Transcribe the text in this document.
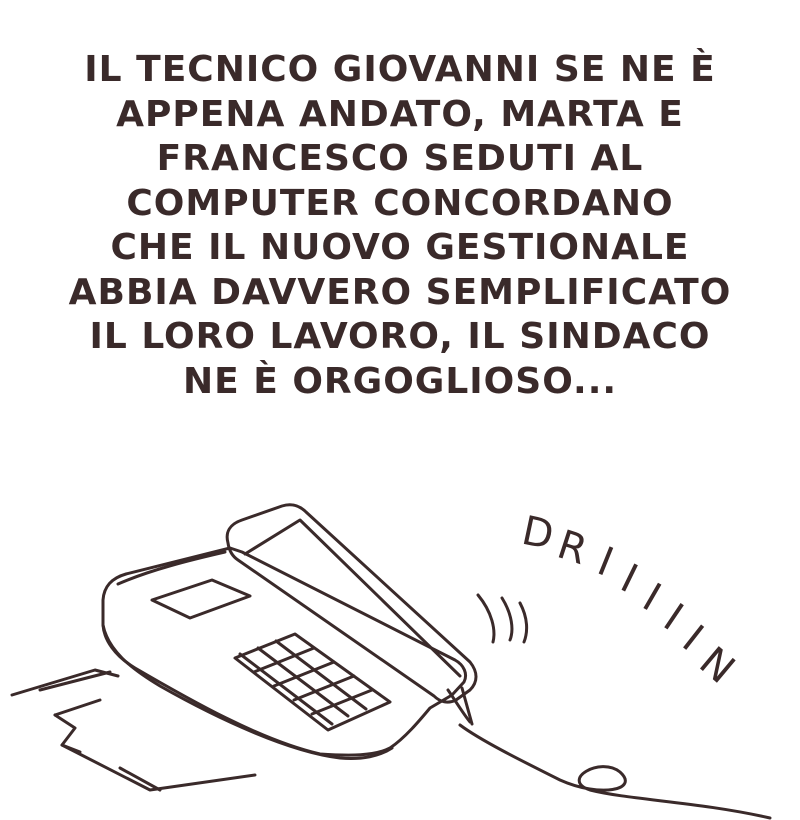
IL TECNICO GIOVANNI SE NE È
APPENA ANDATO, MARTA E
FRANCESCO SEDUTI AL
COMPUTER CONCORDANO
CHE IL NUOVO GESTIONALE
ABBIA DAVVERO SEMPLIFICATO
IL LORO LAVORO, IL SINDACO
NE È ORGOGLIOSO...
D
R
I
I
I
I
I
N
